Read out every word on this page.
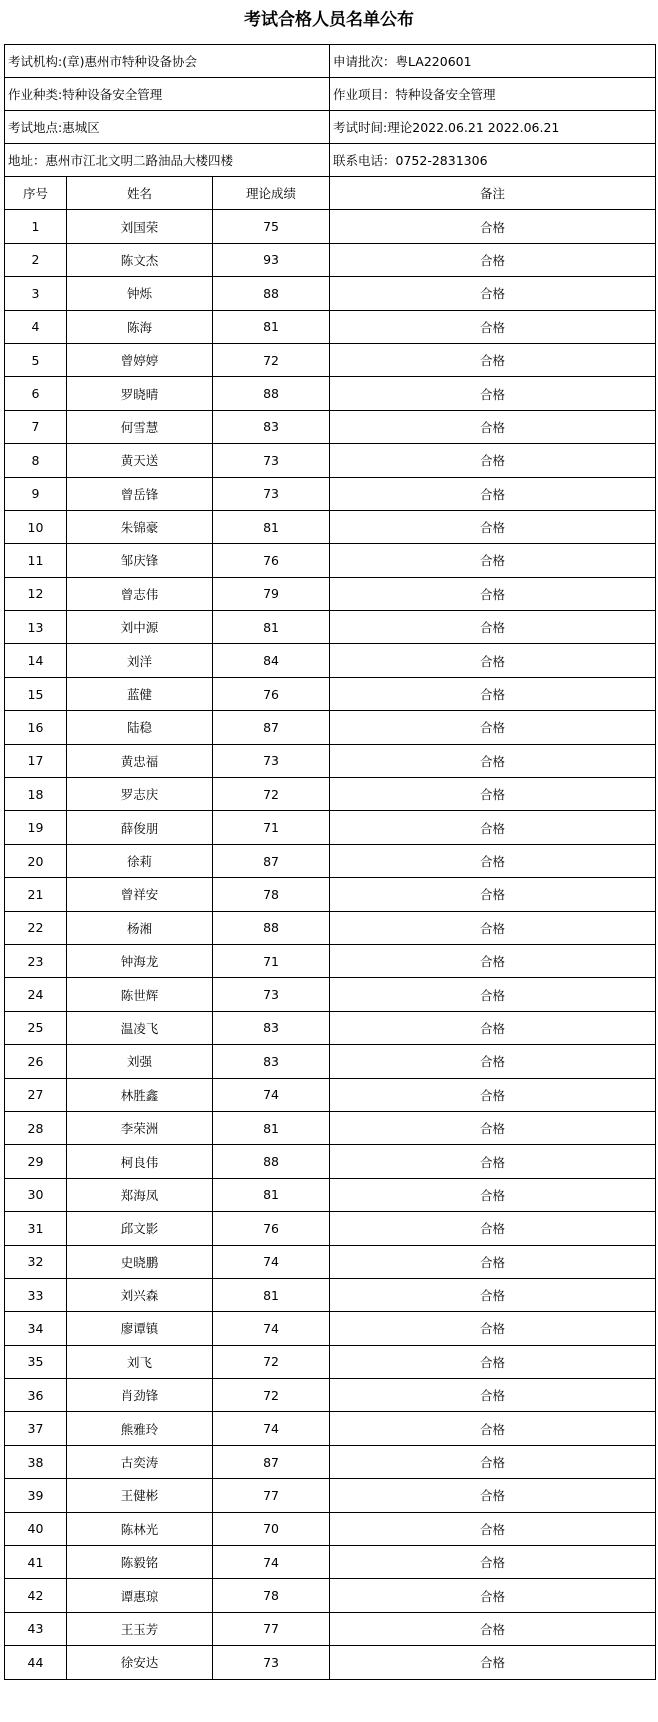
考试合格人员名单公布
考试机构:(章)惠州市特种设备协会			申请批次：粤LA220601
作业种类:特种设备安全管理			作业项目：特种设备安全管理
考试地点:惠城区			考试时间:理论2022.06.21 2022.06.21
地址：惠州市江北文明二路油品大楼四楼			联系电话：0752-2831306
序号	姓名	理论成绩	备注
1	刘国荣	75	合格
2	陈文杰	93	合格
3	钟烁	88	合格
4	陈海	81	合格
5	曾婷婷	72	合格
6	罗晓晴	88	合格
7	何雪慧	83	合格
8	黄天送	73	合格
9	曾岳锋	73	合格
10	朱锦豪	81	合格
11	邹庆锋	76	合格
12	曾志伟	79	合格
13	刘中源	81	合格
14	刘洋	84	合格
15	蓝健	76	合格
16	陆稳	87	合格
17	黄忠福	73	合格
18	罗志庆	72	合格
19	薛俊朋	71	合格
20	徐莉	87	合格
21	曾祥安	78	合格
22	杨湘	88	合格
23	钟海龙	71	合格
24	陈世辉	73	合格
25	温凌飞	83	合格
26	刘强	83	合格
27	林胜鑫	74	合格
28	李荣洲	81	合格
29	柯良伟	88	合格
30	郑海凤	81	合格
31	邱文影	76	合格
32	史晓鹏	74	合格
33	刘兴森	81	合格
34	廖谭镇	74	合格
35	刘飞	72	合格
36	肖劲锋	72	合格
37	熊雅玲	74	合格
38	古奕涛	87	合格
39	王健彬	77	合格
40	陈林光	70	合格
41	陈毅铭	74	合格
42	谭惠琼	78	合格
43	王玉芳	77	合格
44	徐安达	73	合格
